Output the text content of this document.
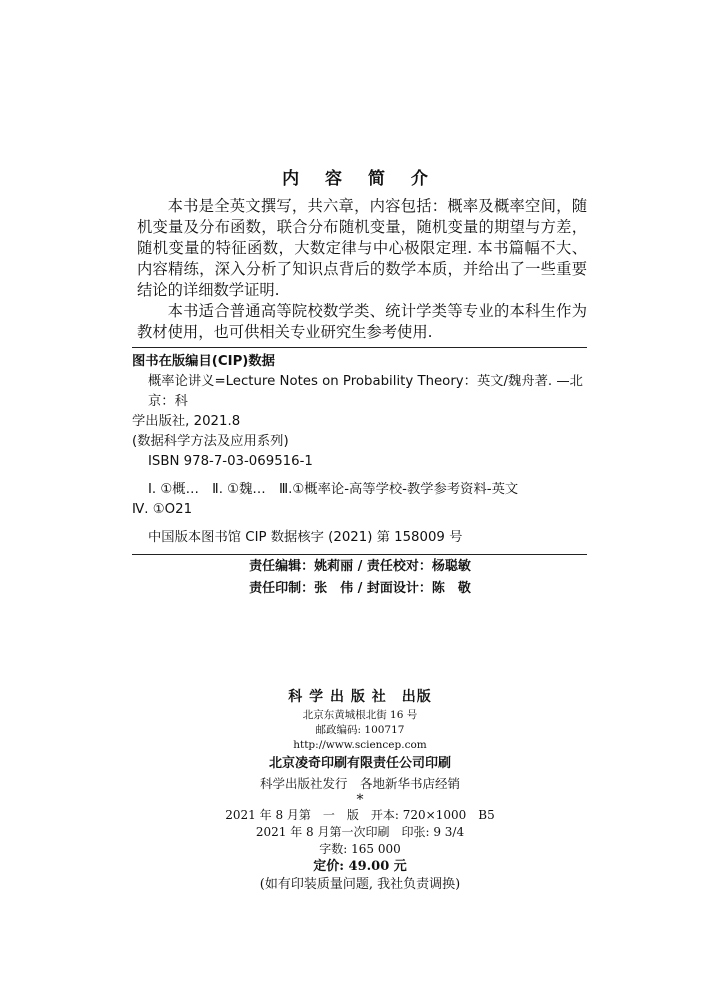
内 容 简 介

本书是全英文撰写，共六章，内容包括：概率及概率空间，随机变量及分布函数，联合分布随机变量，随机变量的期望与方差，随机变量的特征函数，大数定律与中心极限定理. 本书篇幅不大、内容精练，深入分析了知识点背后的数学本质，并给出了一些重要结论的详细数学证明.

本书适合普通高等院校数学类、统计学类等专业的本科生作为教材使用，也可供相关专业研究生参考使用.

图书在版编目(CIP)数据
概率论讲义=Lecture Notes on Probability Theory：英文/魏舟著. —北京：科
学出版社, 2021.8
(数据科学方法及应用系列)
ISBN 978-7-03-069516-1
Ⅰ. ①概…　Ⅱ. ①魏…　Ⅲ.①概率论-高等学校-教学参考资料-英文
Ⅳ. ①O21
中国版本图书馆 CIP 数据核字 (2021) 第 158009 号
责任编辑：姚莉丽 / 责任校对：杨聪敏
责任印制：张　伟 / 封面设计：陈　敬
科 学 出 版 社　出版
北京东黄城根北街 16 号
邮政编码: 100717
http://www.sciencep.com
北京凌奇印刷有限责任公司印刷
科学出版社发行　各地新华书店经销
*
2021 年 8 月第　一　版　开本: 720×1000　B5
2021 年 8 月第一次印刷　印张: 9 3/4
字数: 165 000
定价: 49.00 元
(如有印装质量问题, 我社负责调换)
